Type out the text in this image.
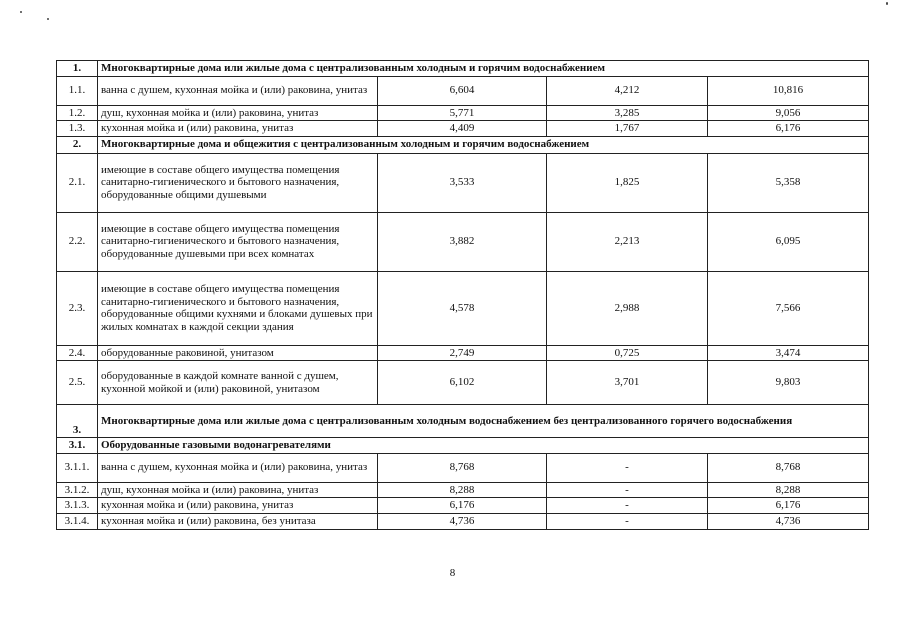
1.	Многоквартирные дома или жилые дома с централизованным холодным и горячим водоснабжением			
1.1.	ванна с душем, кухонная мойка и (или) раковина, унитаз	6,604	4,212	10,816
1.2.	душ, кухонная мойка и (или) раковина, унитаз	5,771	3,285	9,056
1.3.	кухонная мойка и (или) раковина, унитаз	4,409	1,767	6,176
2.	Многоквартирные дома и общежития с централизованным холодным и горячим водоснабжением			
2.1.	имеющие в составе общего имущества помещения санитарно-гигиенического и бытового назначения, оборудованные общими душевыми	3,533	1,825	5,358
2.2.	имеющие в составе общего имущества помещения санитарно-гигиенического и бытового назначения, оборудованные душевыми при всех комнатах	3,882	2,213	6,095
2.3.	имеющие в составе общего имущества помещения санитарно-гигиенического и бытового назначения, оборудованные общими кухнями и блоками душевых при жилых комнатах в каждой секции здания	4,578	2,988	7,566
2.4.	оборудованные раковиной, унитазом	2,749	0,725	3,474
2.5.	оборудованные в каждой комнате ванной с душем, кухонной мойкой и (или) раковиной, унитазом	6,102	3,701	9,803
3.	Многоквартирные дома или жилые дома с централизованным холодным водоснабжением без централизованного горячего водоснабжения			
3.1.	Оборудованные газовыми водонагревателями			
3.1.1.	ванна с душем, кухонная мойка и (или) раковина, унитаз	8,768	-	8,768
3.1.2.	душ, кухонная мойка и (или) раковина, унитаз	8,288	-	8,288
3.1.3.	кухонная мойка и (или) раковина, унитаз	6,176	-	6,176
3.1.4.	кухонная мойка и (или) раковина, без унитаза	4,736	-	4,736
8
